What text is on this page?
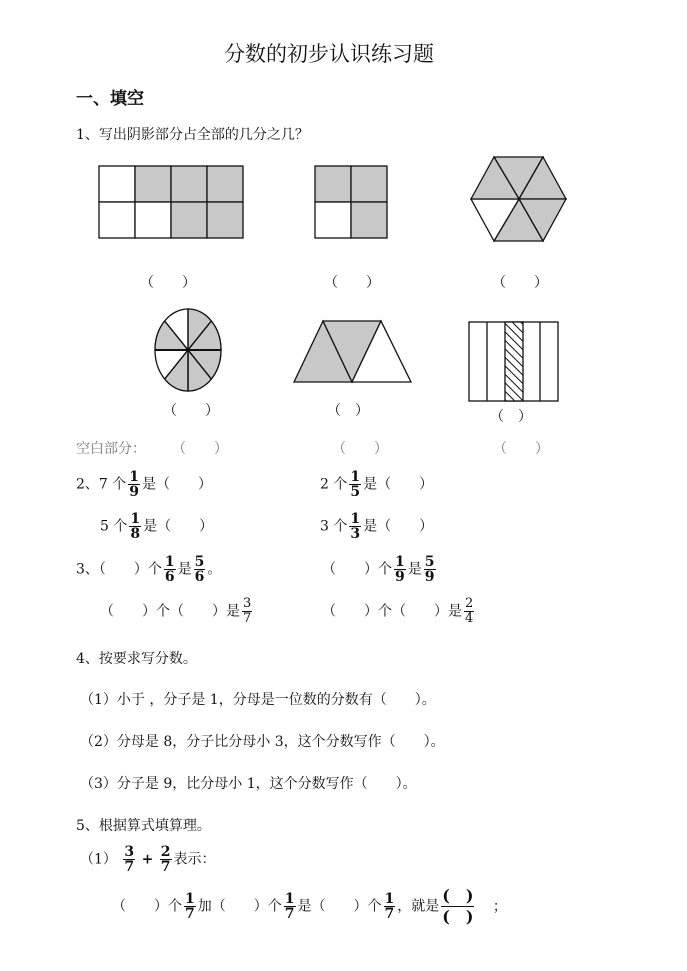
分数的初步认识练习题
一、填空
1、写出阴影部分占全部的几分之几？
（　　）	（　　）	（　　）
（　　）	（　）	（　）
空白部分： （　　）	（　　）	（　　）
2、7 个 $\frac{1}{9}$ 是（　　）	2 个 $\frac{1}{5}$ 是（　　）
5 个 $\frac{1}{8}$ 是（　　）	3 个 $\frac{1}{3}$ 是（　　）
3、（　　）个 $\frac{1}{6}$ 是 $\frac{5}{6}$ 。	（　　）个 $\frac{1}{9}$ 是 $\frac{5}{9}$
（　　）个（　　）是 $\frac{3}{7}$	（　　）个（　　）是 $\frac{2}{4}$
4、按要求写分数。
（1）小于 ，分子是 1，分母是一位数的分数有（　　）。
（2）分母是 8，分子比分母小 3，这个分数写作（　　）。
（3）分子是 9，比分母小 1，这个分数写作（　　）。
5、根据算式填算理。
$(1) \frac{3}{7} + \frac{2}{7}$ 表示：
（　　）个 $\frac{1}{7}$ 加（　　）个 $\frac{1}{7}$ 是（　　）个 $\frac{1}{7}$ ，就是 $\frac{( )}{( )}$ ；
